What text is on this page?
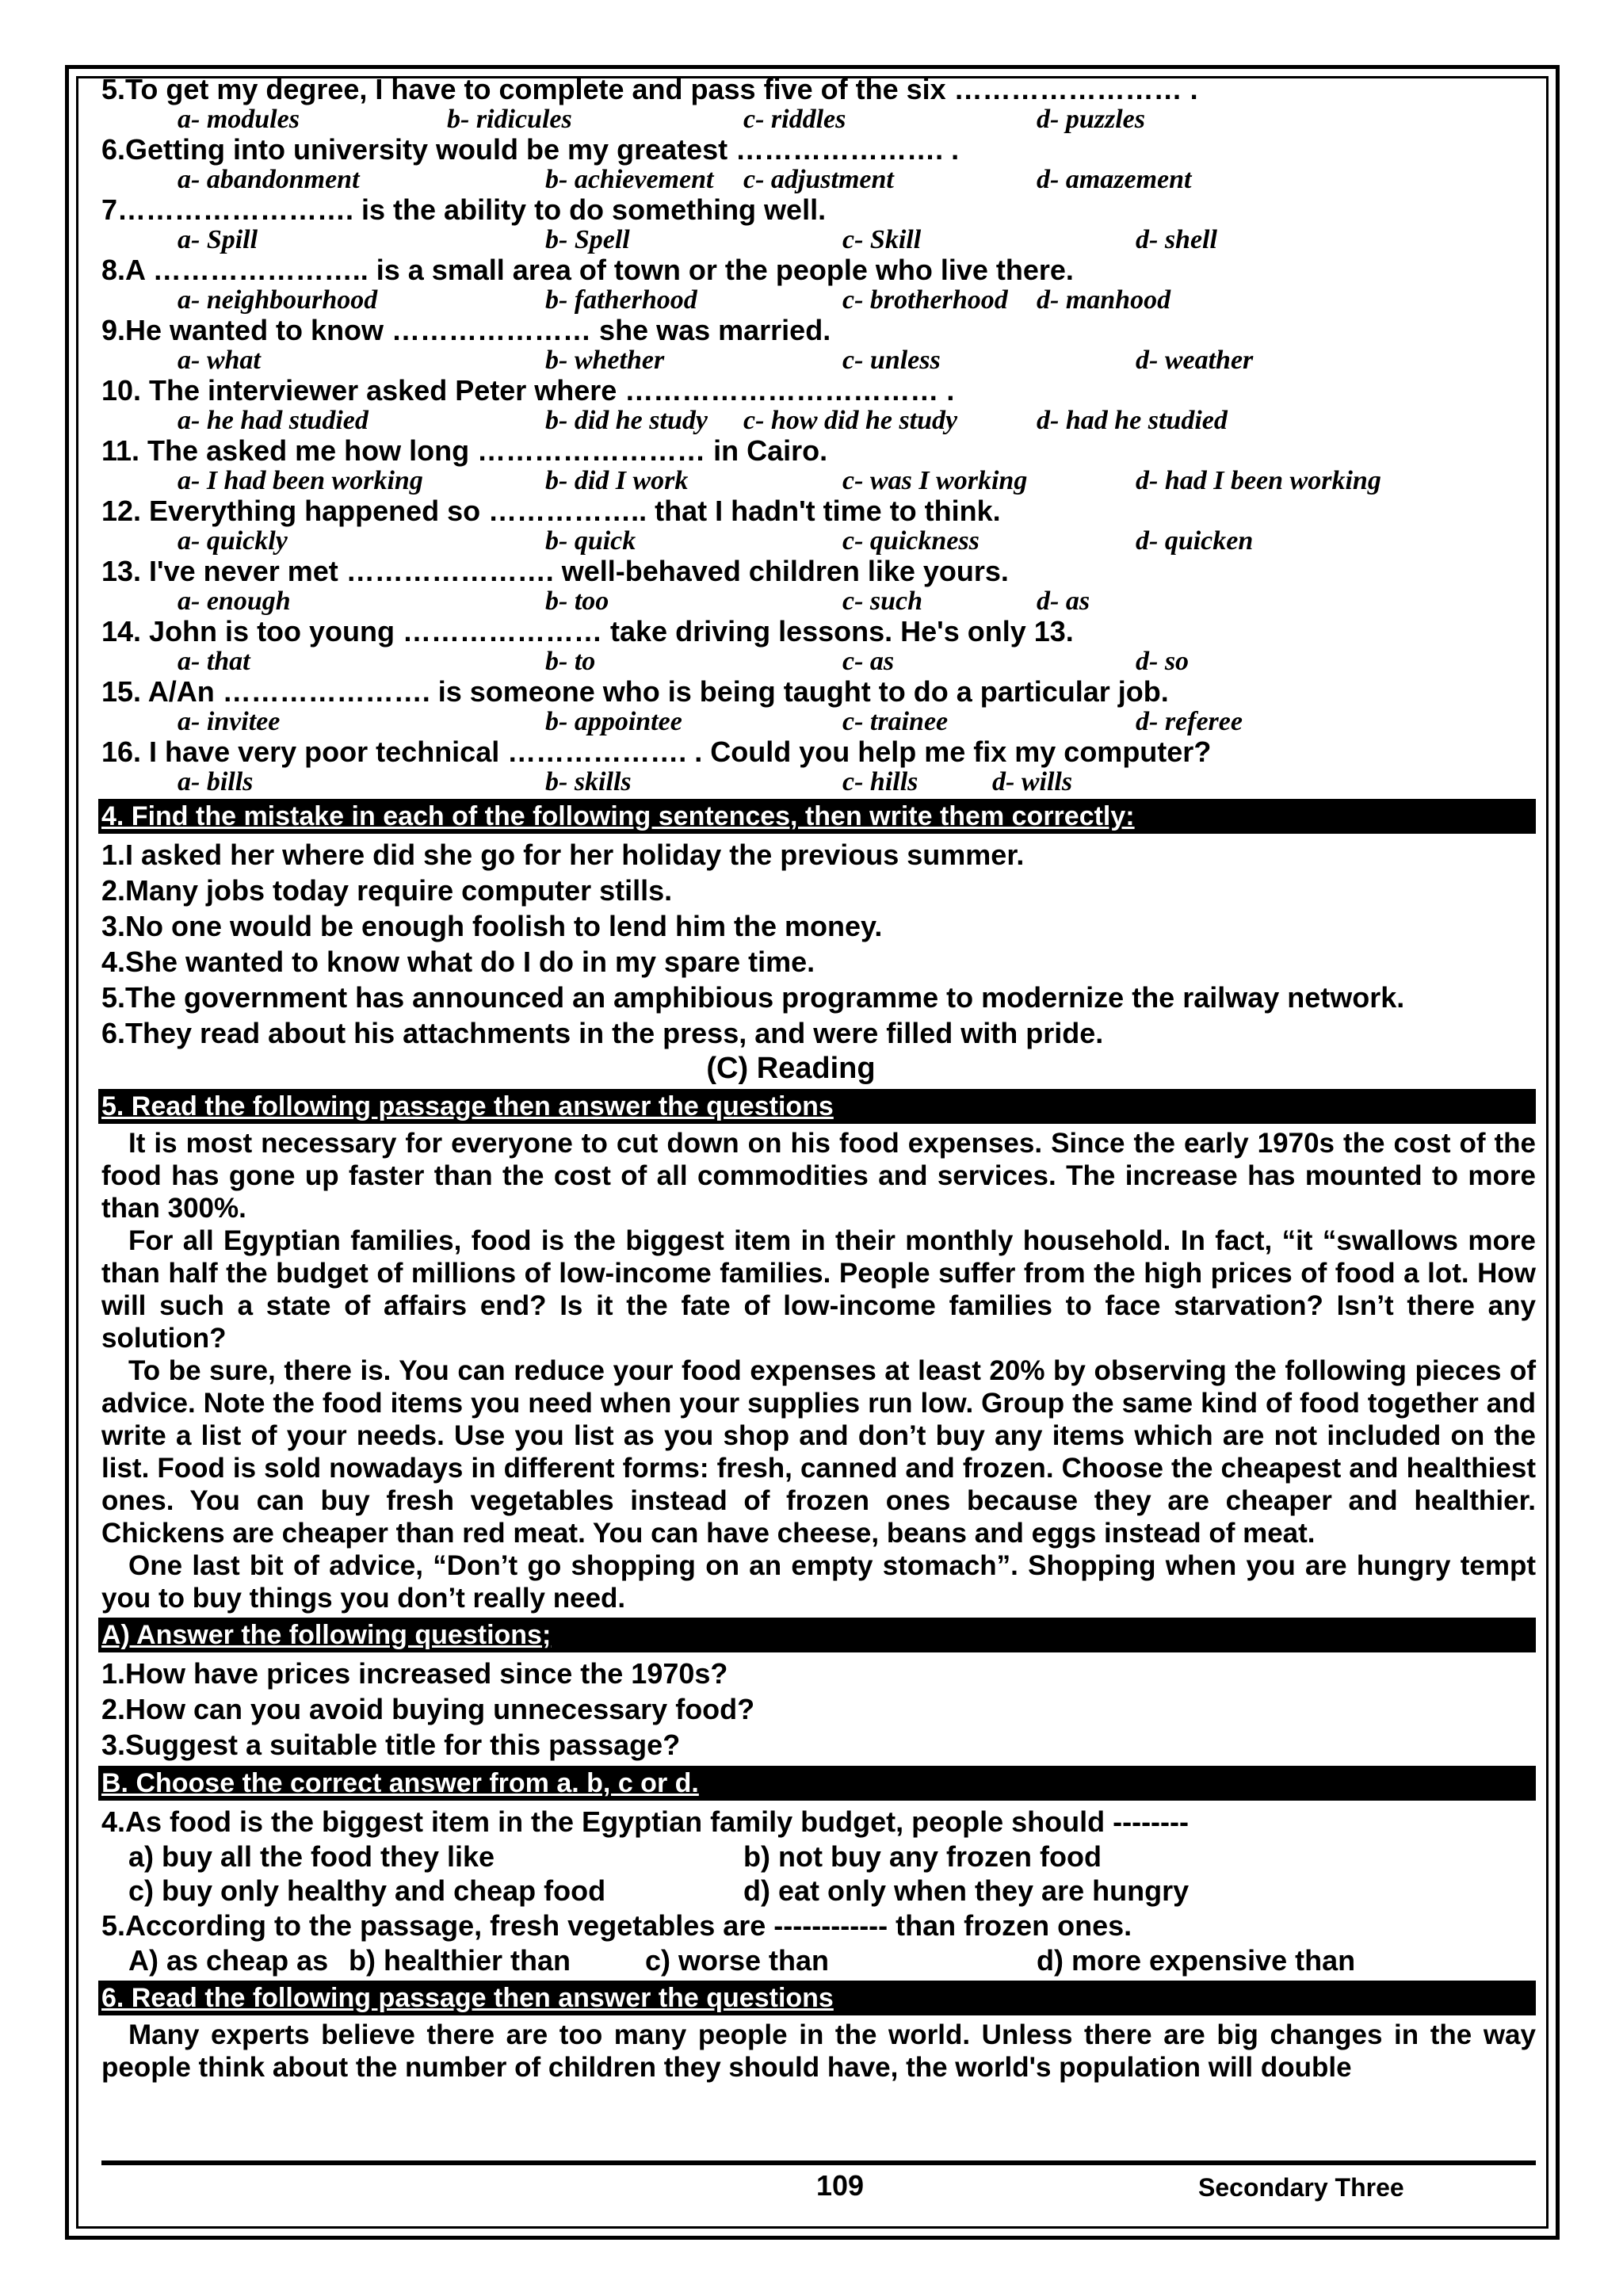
5.To get my degree, I have to complete and pass five of the six …………………… .
a- modules	b- ridicules	c- riddles	d- puzzles
6.Getting into university would be my greatest …………………. .
a- abandonment	b- achievement c- adjustment	d- amazement
7……………………. is the ability to do something well.
a- Spill	b- Spell	c- Skill	d- shell
8.A ………………….. is a small area of town or the people who live there.
a- neighbourhood	b- fatherhood	c- brotherhood d- manhood
9.He wanted to know ………………… she was married.
a- what	b- whether	c- unless	d- weather
10. The interviewer asked Peter where …………………………… .
a- he had studied	b- did he study c- how did he study	d- had he studied
11. The asked me how long …………………… in Cairo.
a- I had been working	b- did I work	c- was I working	d- had I been working
12. Everything happened so …………….. that I hadn't time to think.
a- quickly	b- quick	c- quickness	d- quicken
13. I've never met …………………. well-behaved children like yours.
a- enough	b- too	c- such	d- as
14. John is too young ………………… take driving lessons. He's only 13.
a- that	b- to	c- as	d- so
15. A/An …………………. is someone who is being taught to do a particular job.
a- invitee	b- appointee	c- trainee	d- referee
16. I have very poor technical ………………. . Could you help me fix my computer?
a- bills	b- skills	c- hills	d- wills
4. Find the mistake in each of the following sentences, then write them correctly:
1.I asked her where did she go for her holiday the previous summer.
2.Many jobs today require computer stills.
3.No one would be enough foolish to lend him the money.
4.She wanted to know what do I do in my spare time.
5.The government has announced an amphibious programme to modernize the railway network.
6.They read about his attachments in the press, and were filled with pride.
(C) Reading
5. Read the following passage then answer the questions

It is most necessary for everyone to cut down on his food expenses. Since the early 1970s the cost of the food has gone up faster than the cost of all commodities and services. The increase has mounted to more than 300%.

For all Egyptian families, food is the biggest item in their monthly household. In fact, “it “swallows more than half the budget of millions of low-income families. People suffer from the high prices of food a lot. How will such a state of affairs end? Is it the fate of low-income families to face starvation? Isn’t there any solution?

To be sure, there is. You can reduce your food expenses at least 20% by observing the following pieces of advice. Note the food items you need when your supplies run low. Group the same kind of food together and write a list of your needs. Use you list as you shop and don’t buy any items which are not included on the list. Food is sold nowadays in different forms: fresh, canned and frozen. Choose the cheapest and healthiest ones. You can buy fresh vegetables instead of frozen ones because they are cheaper and healthier. Chickens are cheaper than red meat. You can have cheese, beans and eggs instead of meat.

One last bit of advice, “Don’t go shopping on an empty stomach”. Shopping when you are hungry tempt you to buy things you don’t really need.

A) Answer the following questions;
1.How have prices increased since the 1970s?
2.How can you avoid buying unnecessary food?
3.Suggest a suitable title for this passage?
B. Choose the correct answer from a. b, c or d.
4.As food is the biggest item in the Egyptian family budget, people should --------
a) buy all the food they like	b) not buy any frozen food
c) buy only healthy and cheap food	d) eat only when they are hungry
5.According to the passage, fresh vegetables are ------------ than frozen ones.
A) as cheap as b) healthier than	c) worse than	d) more expensive than
6. Read the following passage then answer the questions

Many experts believe there are too many people in the world. Unless there are big changes in the way people think about the number of children they should have, the world's population will double

109	Secondary Three
